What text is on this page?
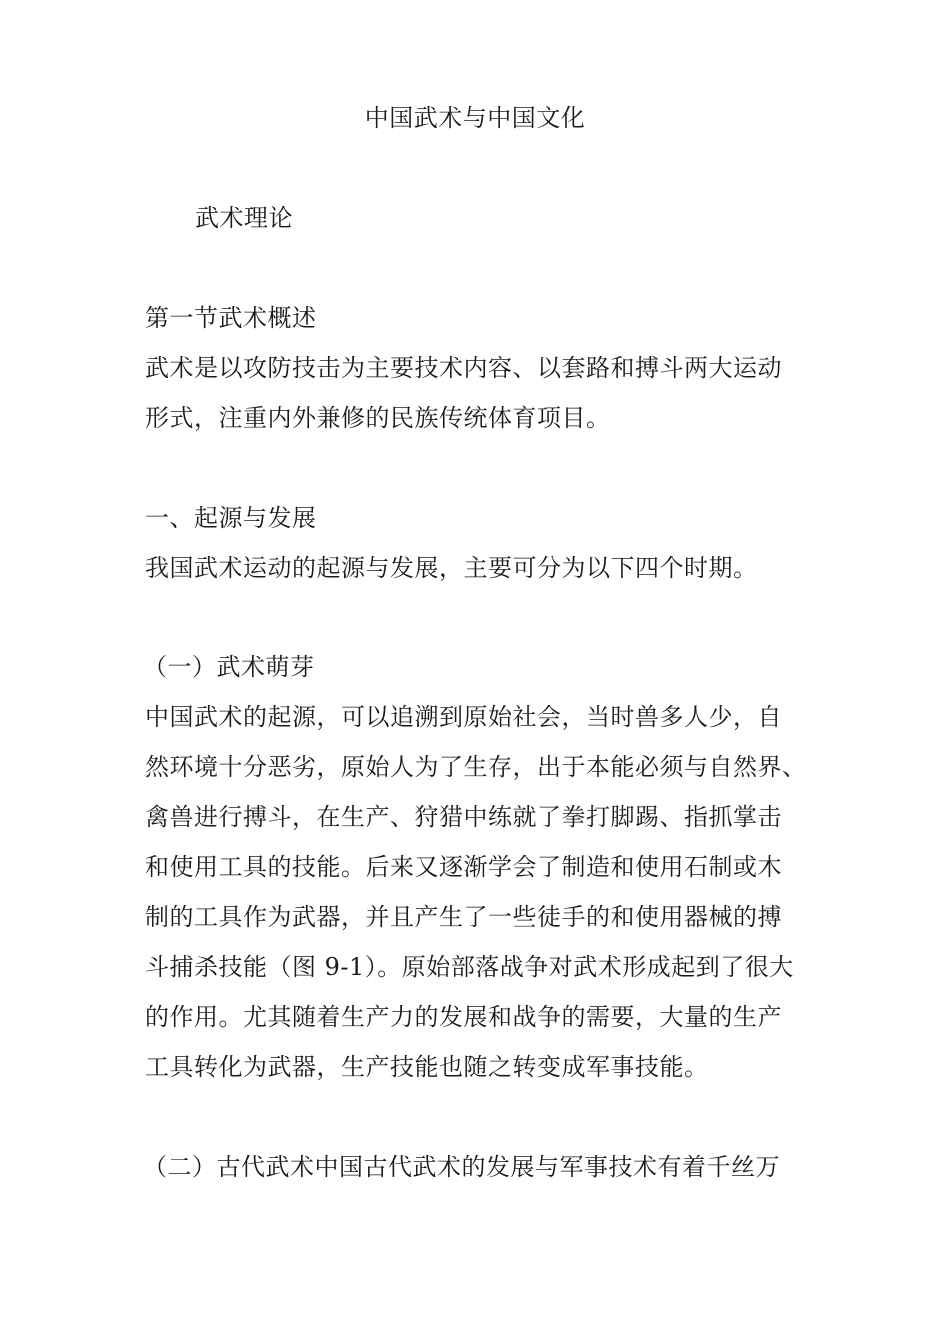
中国武术与中国文化
武术理论
第一节武术概述
武术是以攻防技击为主要技术内容、以套路和搏斗两大运动
形式，注重内外兼修的民族传统体育项目。
一、起源与发展
我国武术运动的起源与发展，主要可分为以下四个时期。
（一）武术萌芽
中国武术的起源，可以追溯到原始社会，当时兽多人少，自
然环境十分恶劣，原始人为了生存，出于本能必须与自然界、
禽兽进行搏斗，在生产、狩猎中练就了拳打脚踢、指抓掌击
和使用工具的技能。后来又逐渐学会了制造和使用石制或木
制的工具作为武器，并且产生了一些徒手的和使用器械的搏
斗捕杀技能（图 9-1）。原始部落战争对武术形成起到了很大
的作用。尤其随着生产力的发展和战争的需要，大量的生产
工具转化为武器，生产技能也随之转变成军事技能。
（二）古代武术中国古代武术的发展与军事技术有着千丝万
